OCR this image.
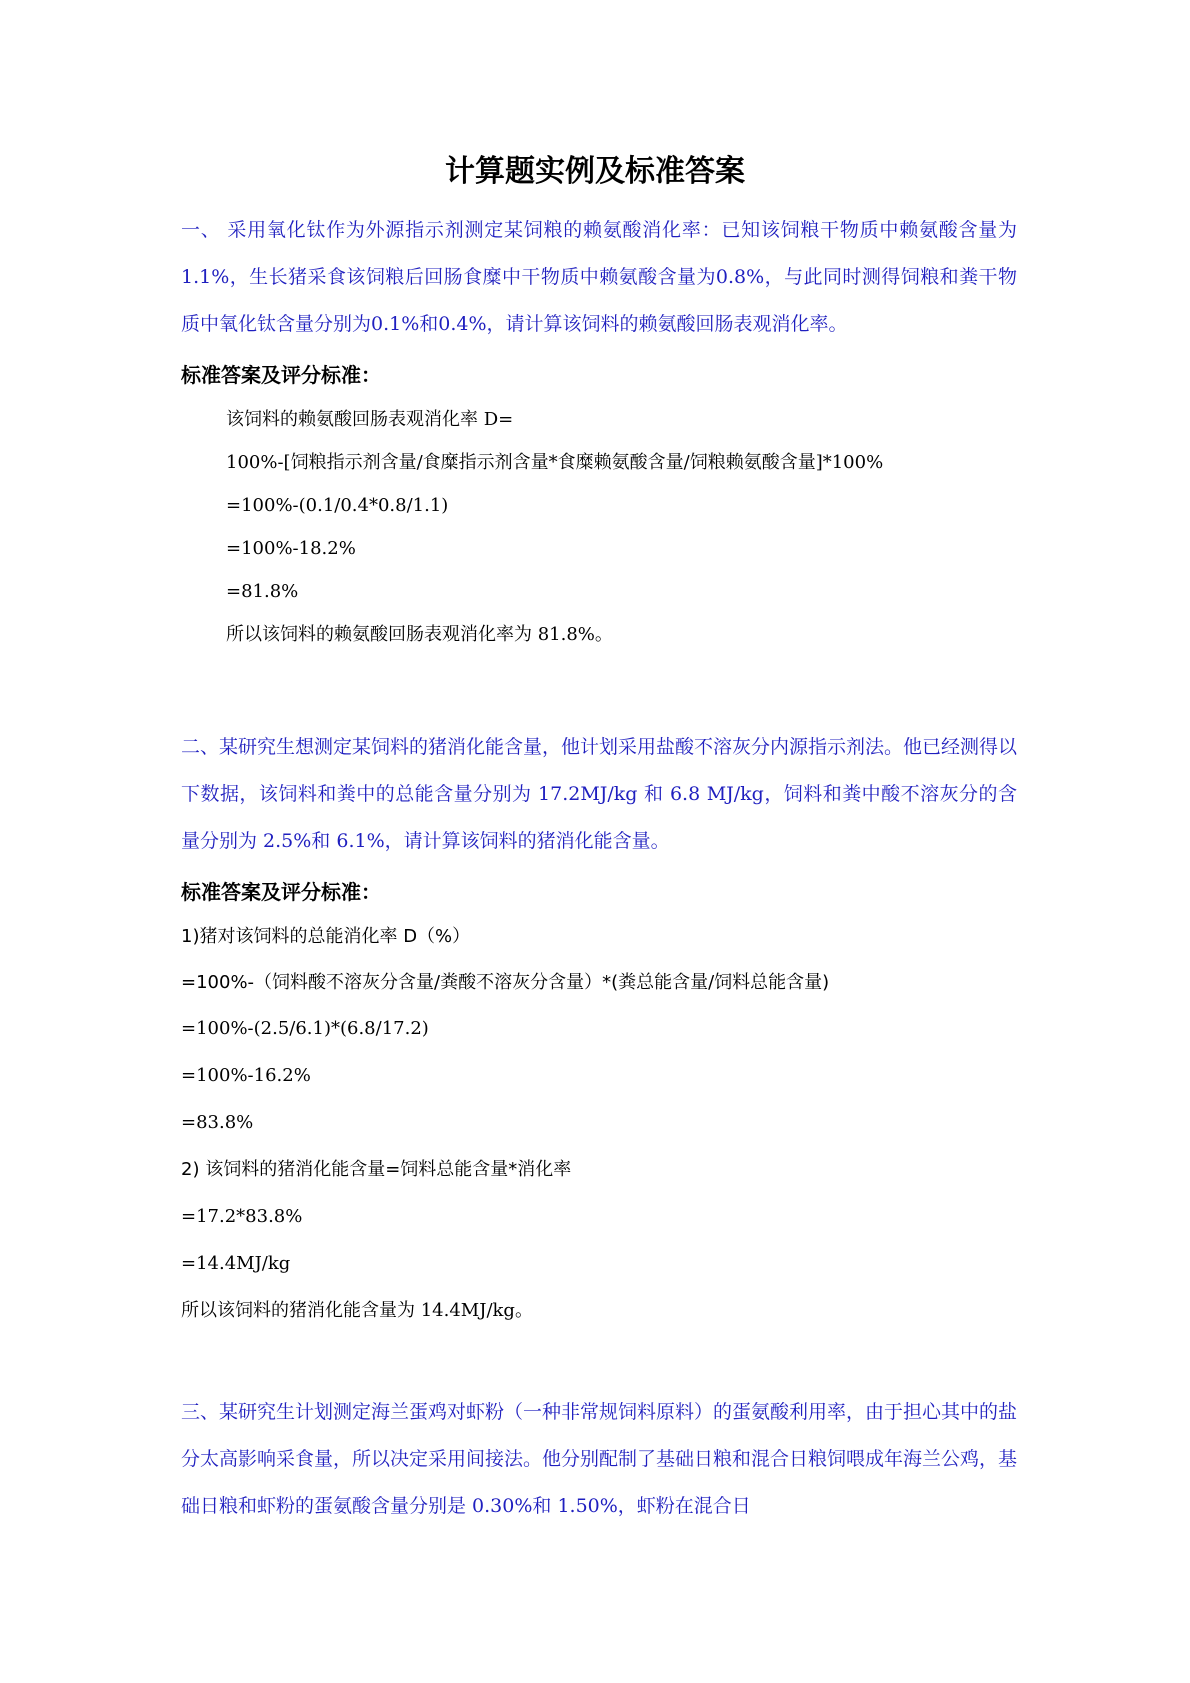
计算题实例及标准答案

一、 采用氧化钛作为外源指示剂测定某饲粮的赖氨酸消化率：已知该饲粮干物质中赖氨酸含量为1.1%，生长猪采食该饲粮后回肠食糜中干物质中赖氨酸含量为0.8%，与此同时测得饲粮和粪干物质中氧化钛含量分别为0.1%和0.4%，请计算该饲料的赖氨酸回肠表观消化率。

标准答案及评分标准：

该饲料的赖氨酸回肠表观消化率 D=

100%-[饲粮指示剂含量/食糜指示剂含量*食糜赖氨酸含量/饲粮赖氨酸含量]*100%

=100%-(0.1/0.4*0.8/1.1)

=100%-18.2%

=81.8%

所以该饲料的赖氨酸回肠表观消化率为 81.8%。

二、某研究生想测定某饲料的猪消化能含量，他计划采用盐酸不溶灰分内源指示剂法。他已经测得以下数据，该饲料和粪中的总能含量分别为 17.2MJ/kg 和 6.8 MJ/kg，饲料和粪中酸不溶灰分的含量分别为 2.5%和 6.1%，请计算该饲料的猪消化能含量。

标准答案及评分标准：

1)猪对该饲料的总能消化率 D（%）

=100%-（饲料酸不溶灰分含量/粪酸不溶灰分含量）*(粪总能含量/饲料总能含量)

=100%-(2.5/6.1)*(6.8/17.2)

=100%-16.2%

=83.8%

2) 该饲料的猪消化能含量=饲料总能含量*消化率

=17.2*83.8%

=14.4MJ/kg

所以该饲料的猪消化能含量为 14.4MJ/kg。

三、某研究生计划测定海兰蛋鸡对虾粉（一种非常规饲料原料）的蛋氨酸利用率，由于担心其中的盐分太高影响采食量，所以决定采用间接法。他分别配制了基础日粮和混合日粮饲喂成年海兰公鸡，基础日粮和虾粉的蛋氨酸含量分别是 0.30%和 1.50%，虾粉在混合日
